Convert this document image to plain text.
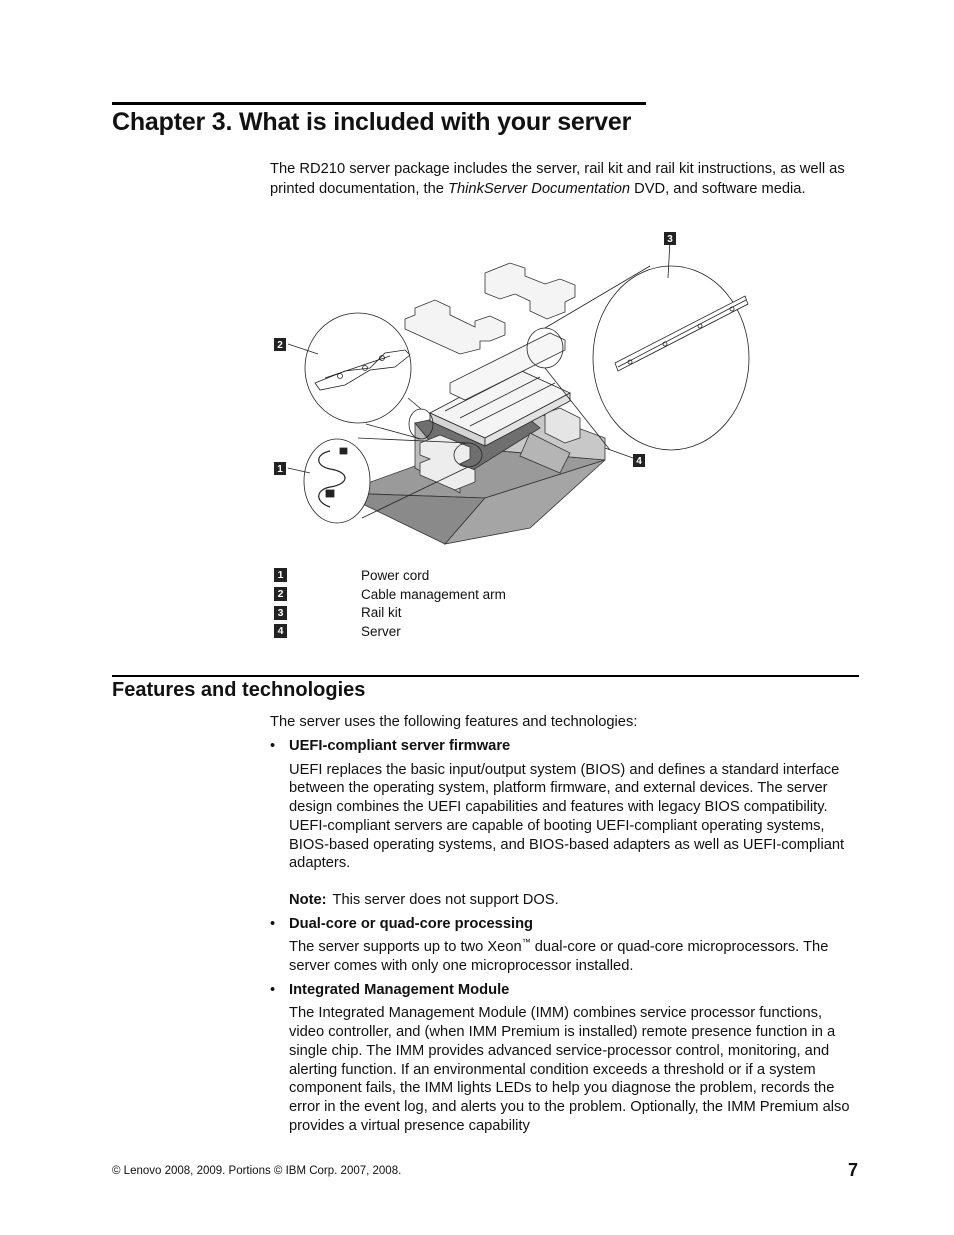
Chapter 3. What is included with your server

The RD210 server package includes the server, rail kit and rail kit instructions, as well as printed documentation, the ThinkServer Documentation DVD, and software media.

1
2
3
4
1	Power cord
2	Cable management arm
3	Rail kit
4	Server
Features and technologies

The server uses the following features and technologies:

• UEFI-compliant server firmware
UEFI replaces the basic input/output system (BIOS) and defines a standard interface between the operating system, platform firmware, and external devices. The server design combines the UEFI capabilities and features with legacy BIOS compatibility. UEFI-compliant servers are capable of booting UEFI-compliant operating systems, BIOS-based operating systems, and BIOS-based adapters as well as UEFI-compliant adapters.
Note: This server does not support DOS.
• Dual-core or quad-core processing
The server supports up to two Xeon™ dual-core or quad-core microprocessors. The server comes with only one microprocessor installed.
• Integrated Management Module
The Integrated Management Module (IMM) combines service processor functions, video controller, and (when IMM Premium is installed) remote presence function in a single chip. The IMM provides advanced service-processor control, monitoring, and alerting function. If an environmental condition exceeds a threshold or if a system component fails, the IMM lights LEDs to help you diagnose the problem, records the error in the event log, and alerts you to the problem. Optionally, the IMM Premium also provides a virtual presence capability
© Lenovo 2008, 2009. Portions © IBM Corp. 2007, 2008.	7
